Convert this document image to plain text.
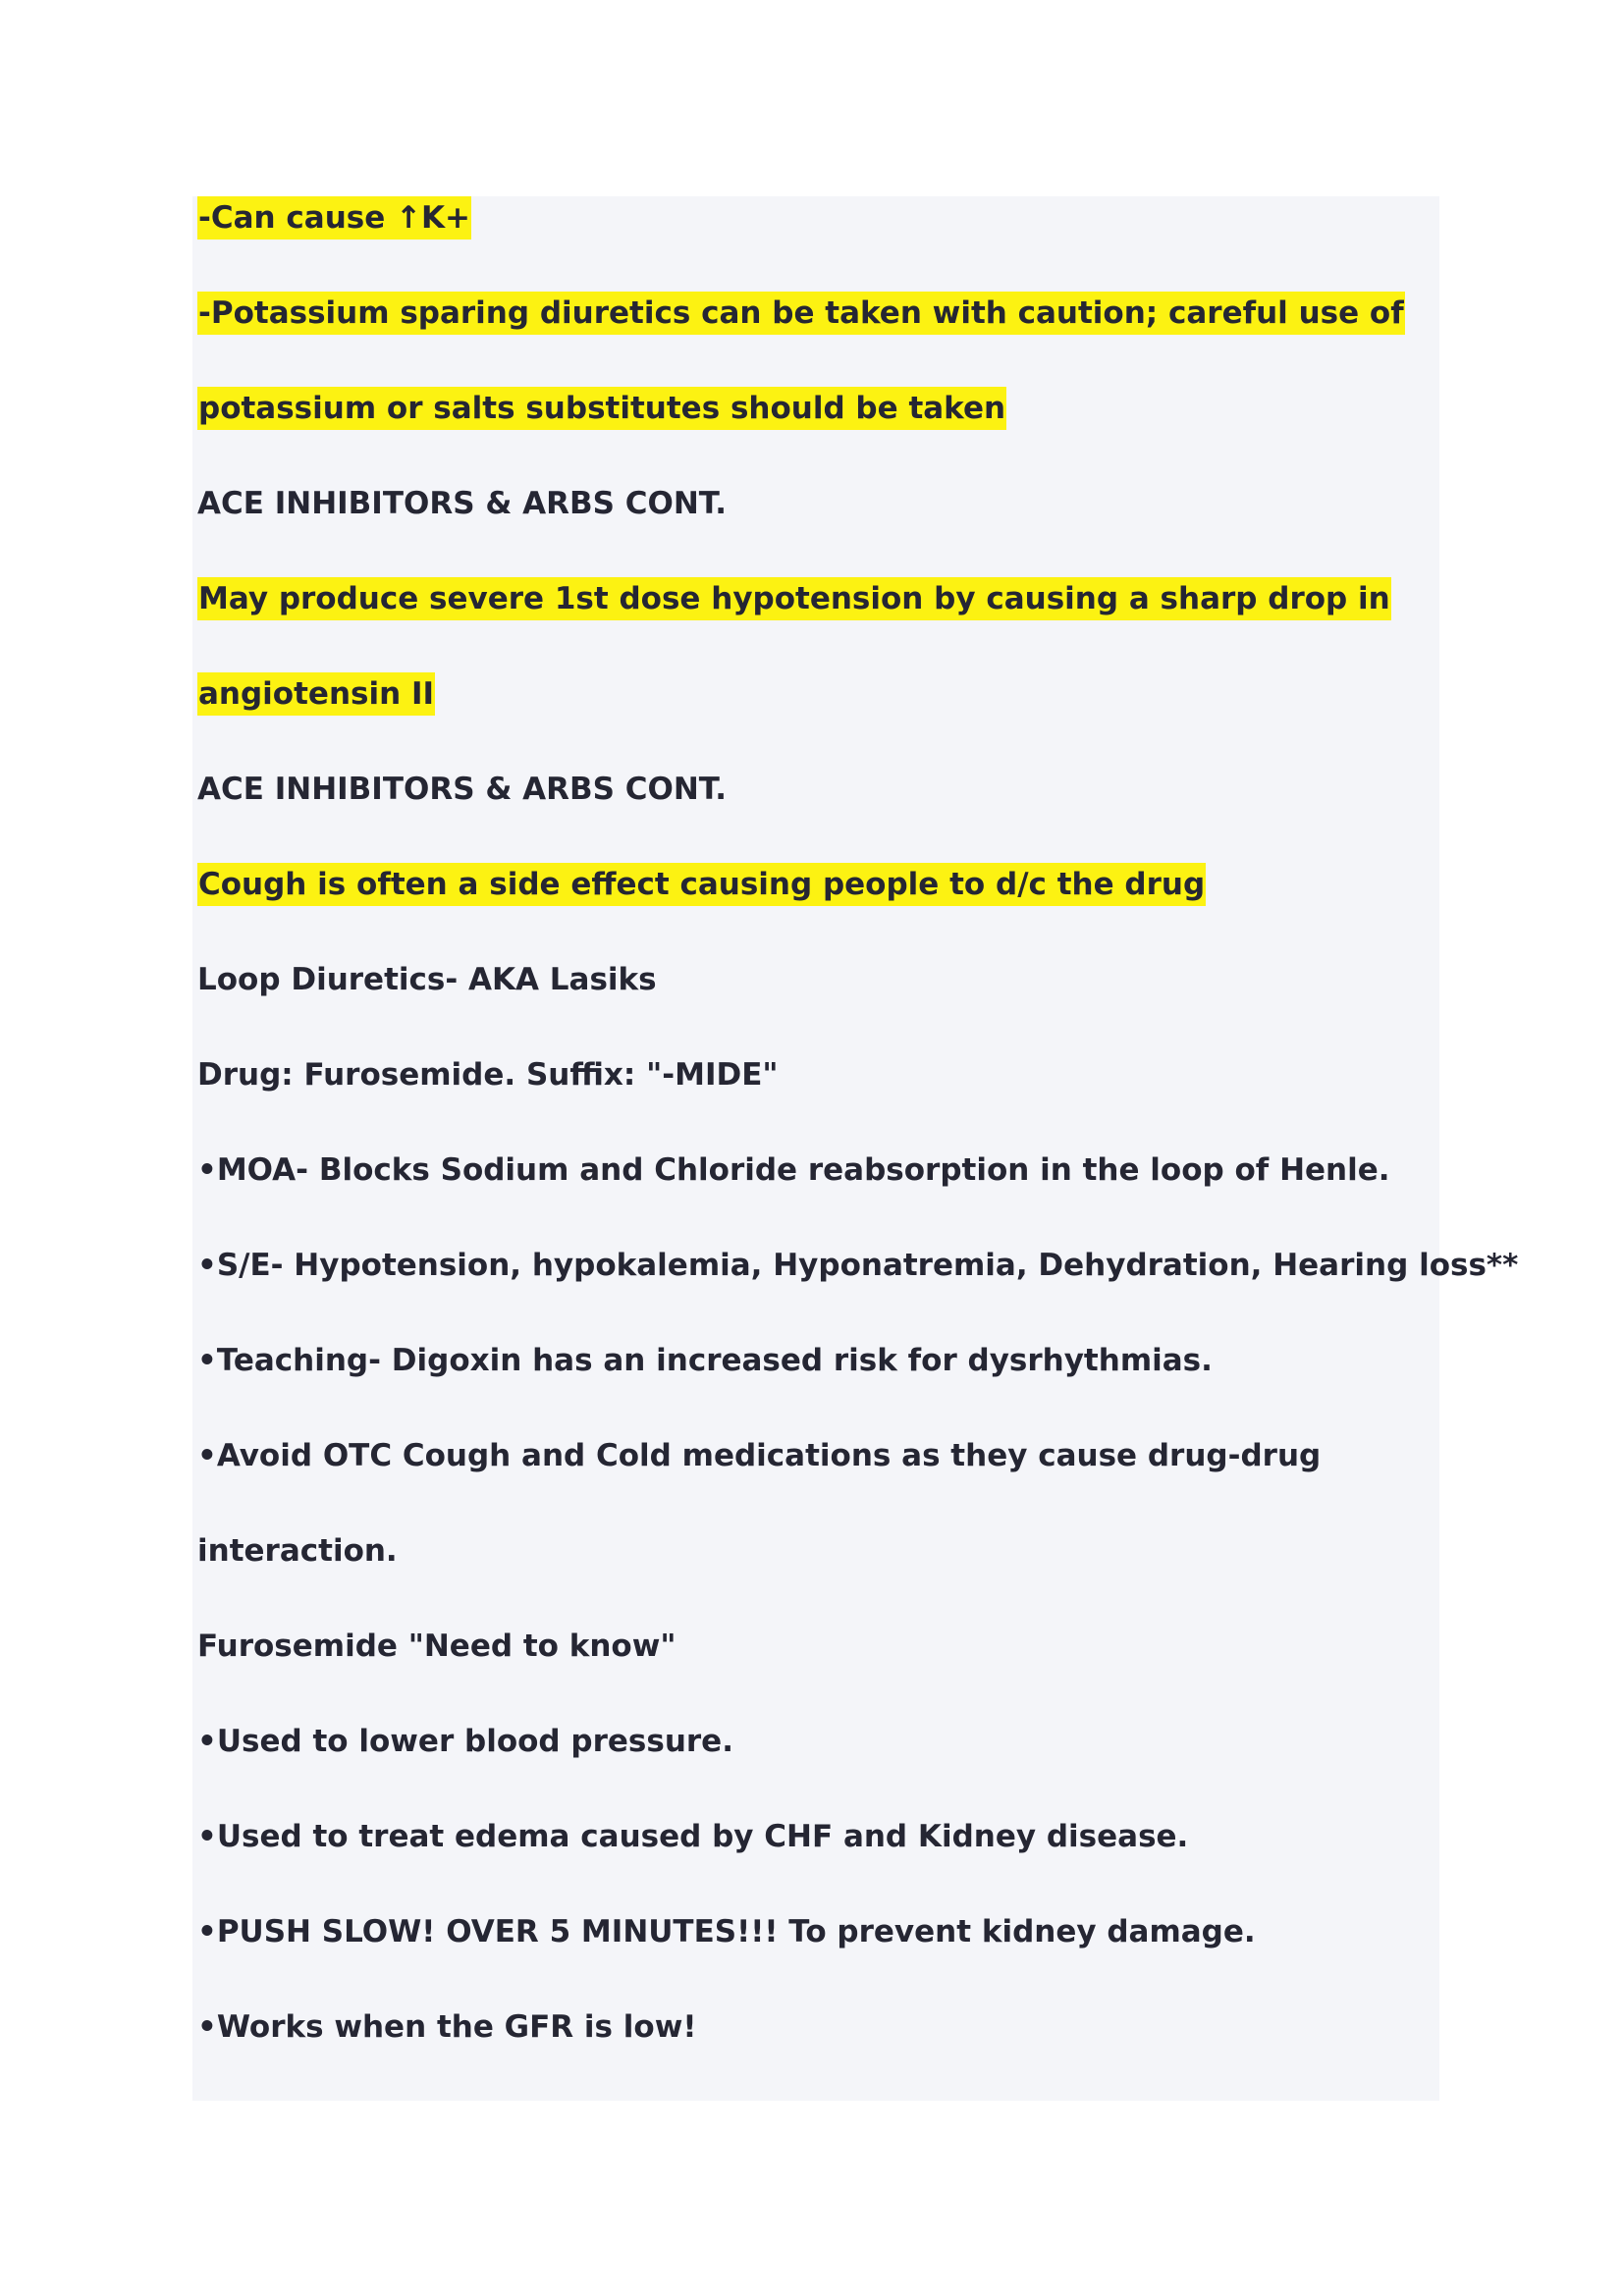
-Can cause ↑K+
-Potassium sparing diuretics can be taken with caution; careful use of
potassium or salts substitutes should be taken
ACE INHIBITORS & ARBS CONT.
May produce severe 1st dose hypotension by causing a sharp drop in
angiotensin II
ACE INHIBITORS & ARBS CONT.
Cough is often a side effect causing people to d/c the drug
Loop Diuretics- AKA Lasiks
Drug: Furosemide. Suffix: "-MIDE"
•MOA- Blocks Sodium and Chloride reabsorption in the loop of Henle.
•S/E- Hypotension, hypokalemia, Hyponatremia, Dehydration, Hearing loss**
•Teaching- Digoxin has an increased risk for dysrhythmias.
•Avoid OTC Cough and Cold medications as they cause drug-drug
interaction.
Furosemide "Need to know"
•Used to lower blood pressure.
•Used to treat edema caused by CHF and Kidney disease.
•PUSH SLOW! OVER 5 MINUTES!!! To prevent kidney damage.
•Works when the GFR is low!
